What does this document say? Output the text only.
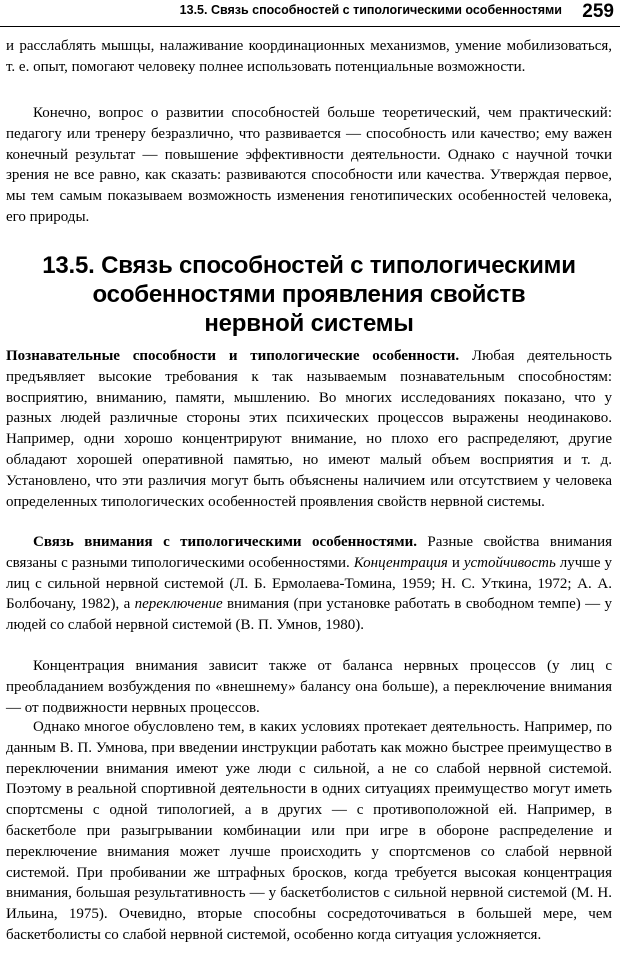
13.5. Связь способностей с типологическими особенностями 259

и расслаблять мышцы, налаживание координационных механизмов, умение мобилизоваться, т. е. опыт, помогают человеку полнее использовать потенциальные возможности.

Конечно, вопрос о развитии способностей больше теоретический, чем практический: педагогу или тренеру безразлично, что развивается — способность или качество; ему важен конечный результат — повышение эффективности деятельности. Однако с научной точки зрения не все равно, как сказать: развиваются способности или качества. Утверждая первое, мы тем самым показываем возможность изменения генотипических особенностей человека, его природы.

13.5. Связь способностей с типологическими
особенностями проявления свойств
нервной системы

Познавательные способности и типологические особенности. Любая деятельность предъявляет высокие требования к так называемым познавательным способностям: восприятию, вниманию, памяти, мышлению. Во многих исследованиях показано, что у разных людей различные стороны этих психических процессов выражены неодинаково. Например, одни хорошо концентрируют внимание, но плохо его распределяют, другие обладают хорошей оперативной памятью, но имеют малый объем восприятия и т. д. Установлено, что эти различия могут быть объяснены наличием или отсутствием у человека определенных типологических особенностей проявления свойств нервной системы.

Связь внимания с типологическими особенностями. Разные свойства внимания связаны с разными типологическими особенностями. Концентрация и устойчивость лучше у лиц с сильной нервной системой (Л. Б. Ермолаева-Томина, 1959; Н. С. Уткина, 1972; А. А. Болбочану, 1982), а переключение внимания (при установке работать в свободном темпе) — у людей со слабой нервной системой (В. П. Умнов, 1980).

Концентрация внимания зависит также от баланса нервных процессов (у лиц с преобладанием возбуждения по «внешнему» балансу она больше), а переключение внимания — от подвижности нервных процессов.

Однако многое обусловлено тем, в каких условиях протекает деятельность. Например, по данным В. П. Умнова, при введении инструкции работать как можно быстрее преимущество в переключении внимания имеют уже люди с сильной, а не со слабой нервной системой. Поэтому в реальной спортивной деятельности в одних ситуациях преимущество могут иметь спортсмены с одной типологией, а в других — с противоположной ей. Например, в баскетболе при разыгрывании комбинации или при игре в обороне распределение и переключение внимания может лучше происходить у спортсменов со слабой нервной системой. При пробивании же штрафных бросков, когда требуется высокая концентрация внимания, большая результативность — у баскетболистов с сильной нервной системой (М. Н. Ильина, 1975). Очевидно, вторые способны сосредоточиваться в большей мере, чем баскетболисты со слабой нервной системой, особенно когда ситуация усложняется.
